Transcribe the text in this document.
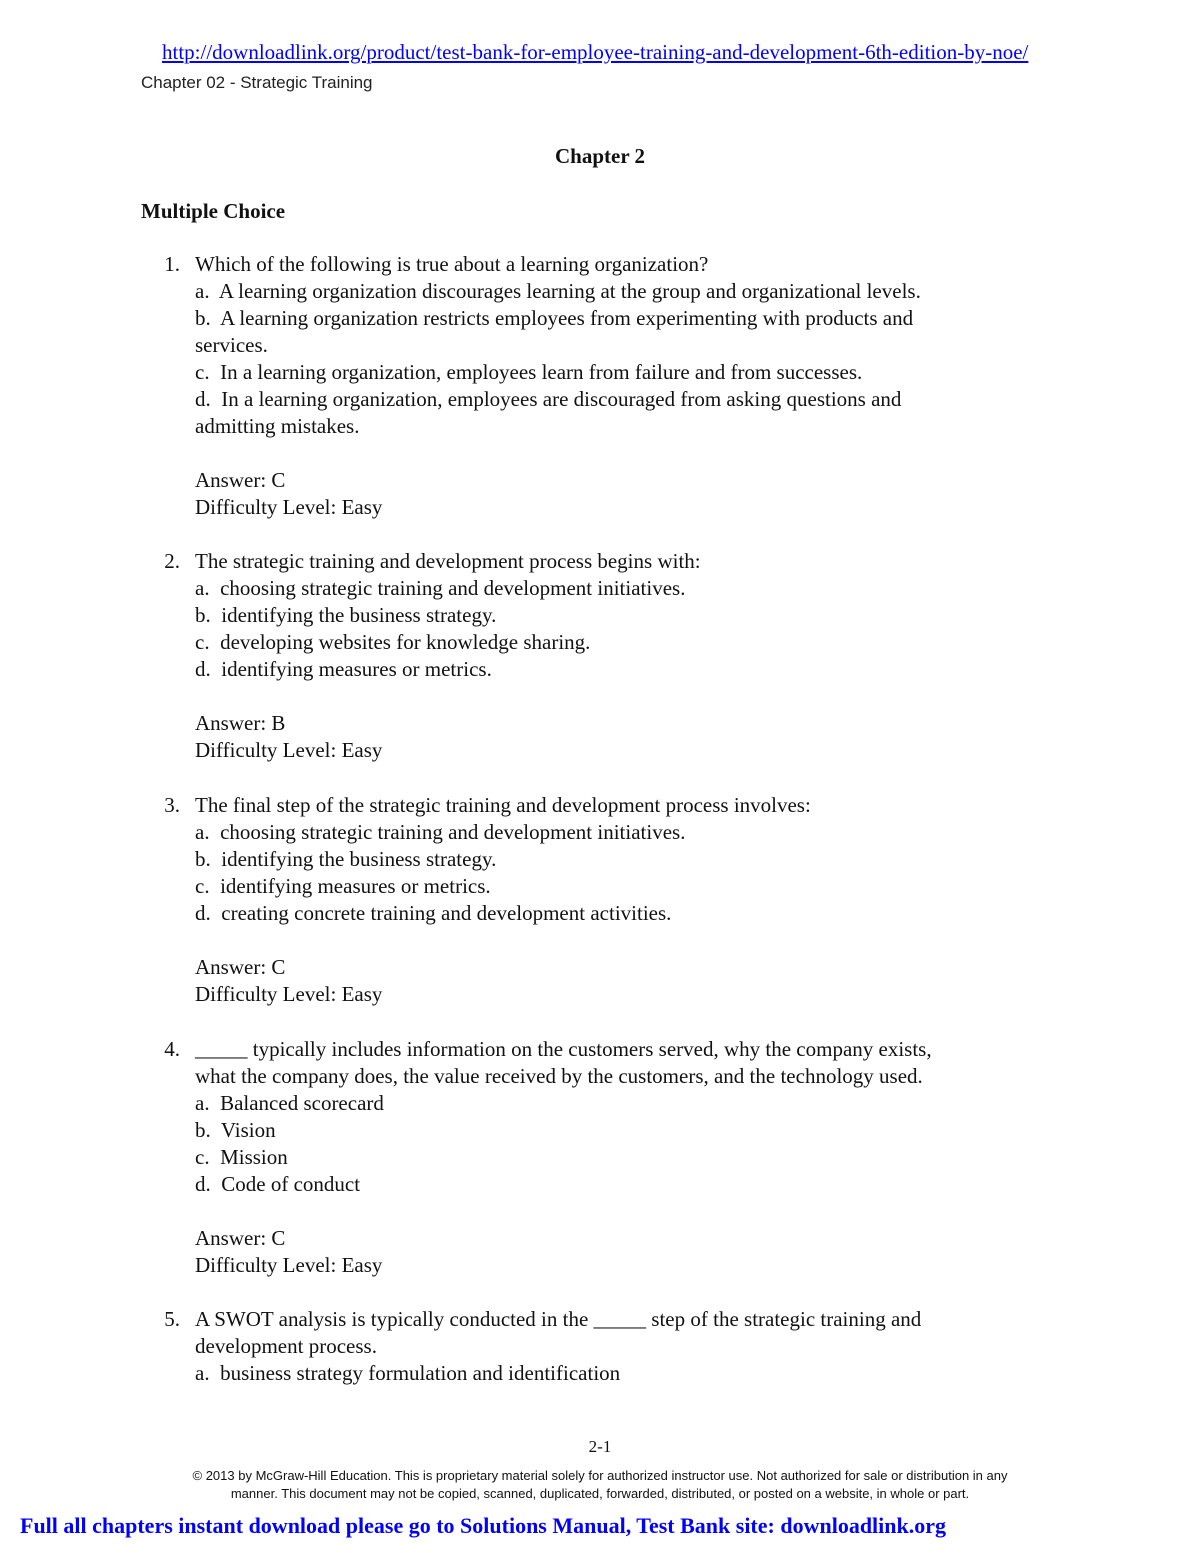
http://downloadlink.org/product/test-bank-for-employee-training-and-development-6th-edition-by-noe/
Chapter 02 - Strategic Training
Chapter 2
Multiple Choice
1. Which of the following is true about a learning organization?
a.  A learning organization discourages learning at the group and organizational levels.
b.  A learning organization restricts employees from experimenting with products and
services.
c.  In a learning organization, employees learn from failure and from successes.
d.  In a learning organization, employees are discouraged from asking questions and
admitting mistakes.
Answer: C
Difficulty Level: Easy
2. The strategic training and development process begins with:
a.  choosing strategic training and development initiatives.
b.  identifying the business strategy.
c.  developing websites for knowledge sharing.
d.  identifying measures or metrics.
Answer: B
Difficulty Level: Easy
3. The final step of the strategic training and development process involves:
a.  choosing strategic training and development initiatives.
b.  identifying the business strategy.
c.  identifying measures or metrics.
d.  creating concrete training and development activities.
Answer: C
Difficulty Level: Easy
4. _____ typically includes information on the customers served, why the company exists,
what the company does, the value received by the customers, and the technology used.
a.  Balanced scorecard
b.  Vision
c.  Mission
d.  Code of conduct
Answer: C
Difficulty Level: Easy
5. A SWOT analysis is typically conducted in the _____ step of the strategic training and
development process.
a.  business strategy formulation and identification
2-1
© 2013 by McGraw-Hill Education. This is proprietary material solely for authorized instructor use. Not authorized for sale or distribution in any
manner. This document may not be copied, scanned, duplicated, forwarded, distributed, or posted on a website, in whole or part.
Full all chapters instant download please go to Solutions Manual, Test Bank site: downloadlink.org
